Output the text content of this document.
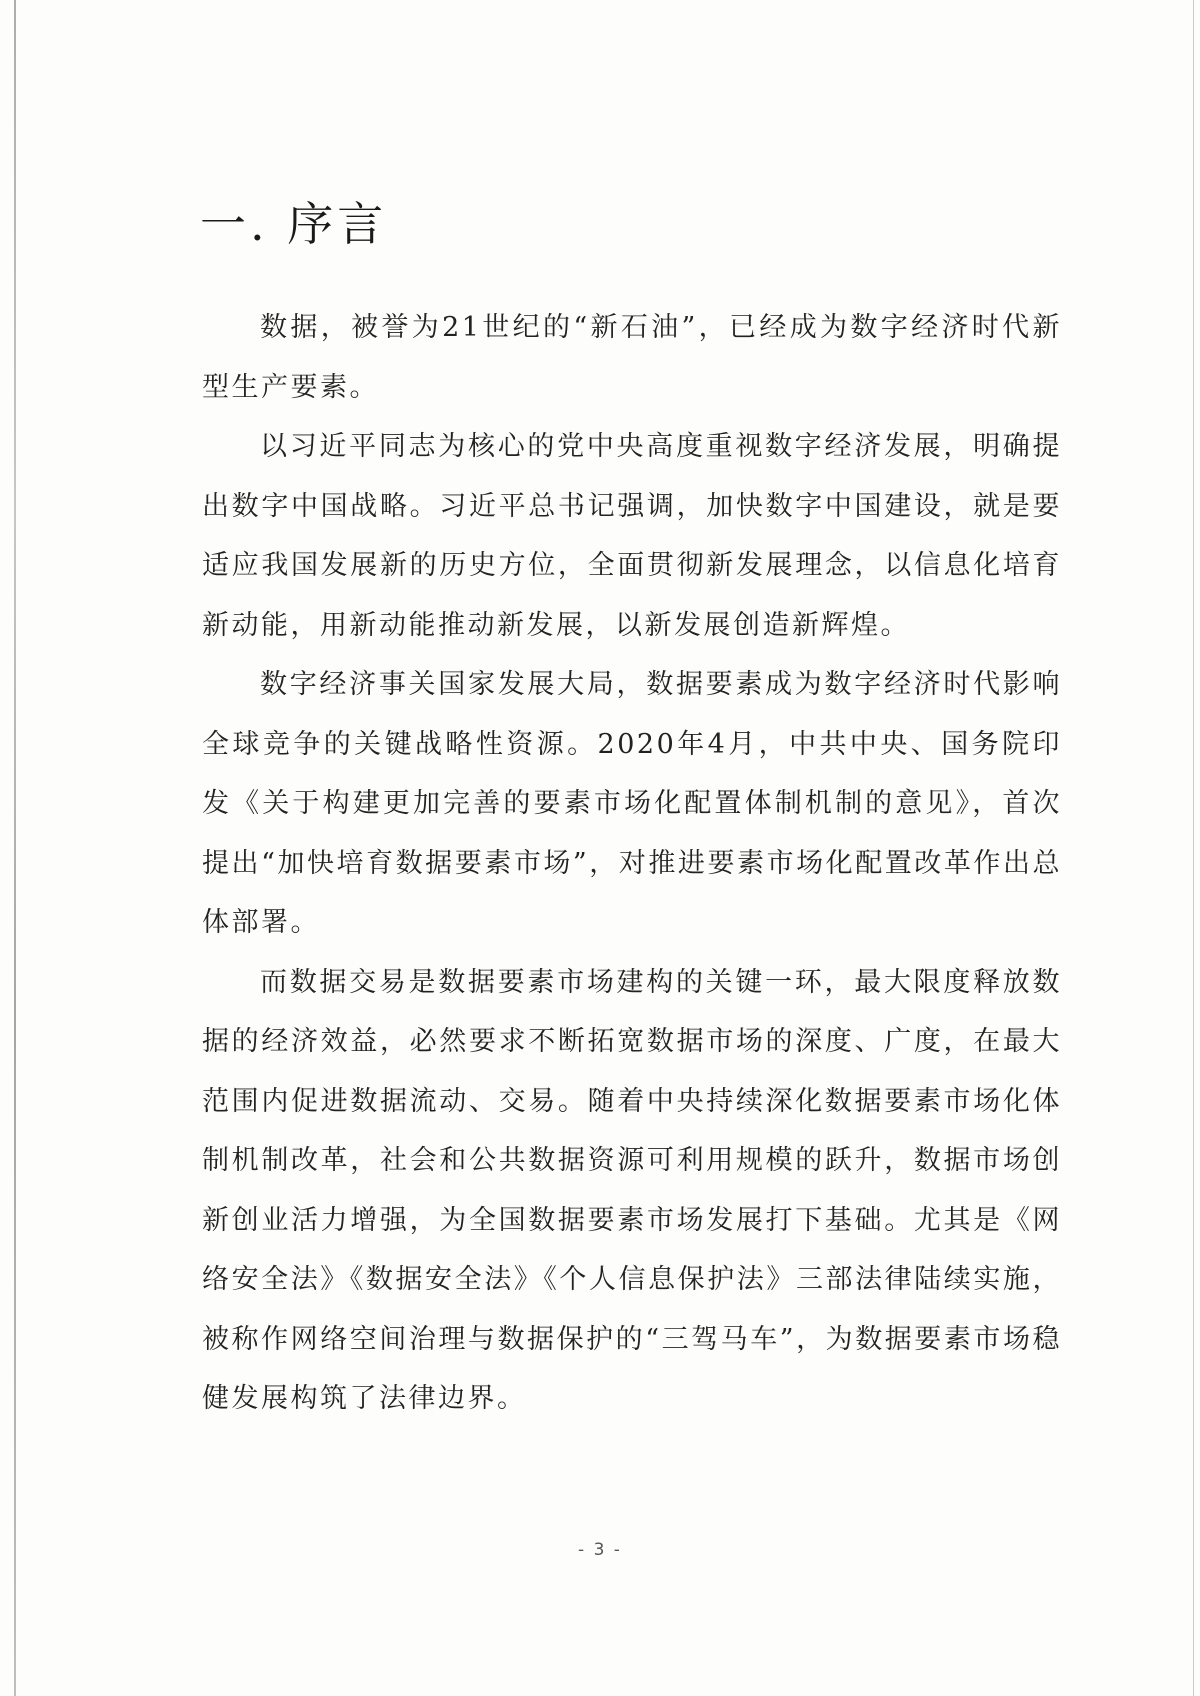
一. 序言

数据，被誉为21世纪的“新石油”，已经成为数字经济时代新型生产要素。

以习近平同志为核心的党中央高度重视数字经济发展，明确提出数字中国战略。习近平总书记强调，加快数字中国建设，就是要适应我国发展新的历史方位，全面贯彻新发展理念，以信息化培育新动能，用新动能推动新发展，以新发展创造新辉煌。

数字经济事关国家发展大局，数据要素成为数字经济时代影响全球竞争的关键战略性资源。2020年4月，中共中央、国务院印发《关于构建更加完善的要素市场化配置体制机制的意见》，首次提出“加快培育数据要素市场”，对推进要素市场化配置改革作出总体部署。

而数据交易是数据要素市场建构的关键一环，最大限度释放数据的经济效益，必然要求不断拓宽数据市场的深度、广度，在最大范围内促进数据流动、交易。随着中央持续深化数据要素市场化体制机制改革，社会和公共数据资源可利用规模的跃升，数据市场创新创业活力增强，为全国数据要素市场发展打下基础。尤其是《网络安全法》《数据安全法》《个人信息保护法》三部法律陆续实施，被称作网络空间治理与数据保护的“三驾马车”，为数据要素市场稳健发展构筑了法律边界。

- 3 -
